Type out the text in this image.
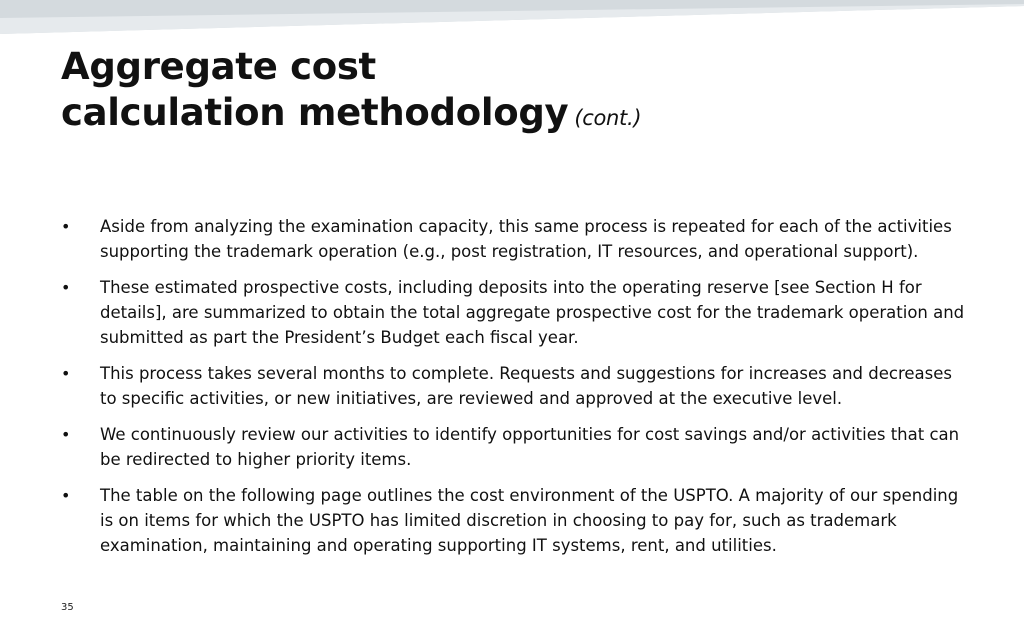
Aggregate cost
calculation methodology (cont.)
• Aside from analyzing the examination capacity, this same process is repeated for each of the activities supporting the trademark operation (e.g., post registration, IT resources, and operational support).
• These estimated prospective costs, including deposits into the operating reserve [see Section H for details], are summarized to obtain the total aggregate prospective cost for the trademark operation and submitted as part the President’s Budget each fiscal year.
• This process takes several months to complete. Requests and suggestions for increases and decreases to specific activities, or new initiatives, are reviewed and approved at the executive level.
• We continuously review our activities to identify opportunities for cost savings and/or activities that can be redirected to higher priority items.
• The table on the following page outlines the cost environment of the USPTO. A majority of our spending is on items for which the USPTO has limited discretion in choosing to pay for, such as trademark examination, maintaining and operating supporting IT systems, rent, and utilities.
35
